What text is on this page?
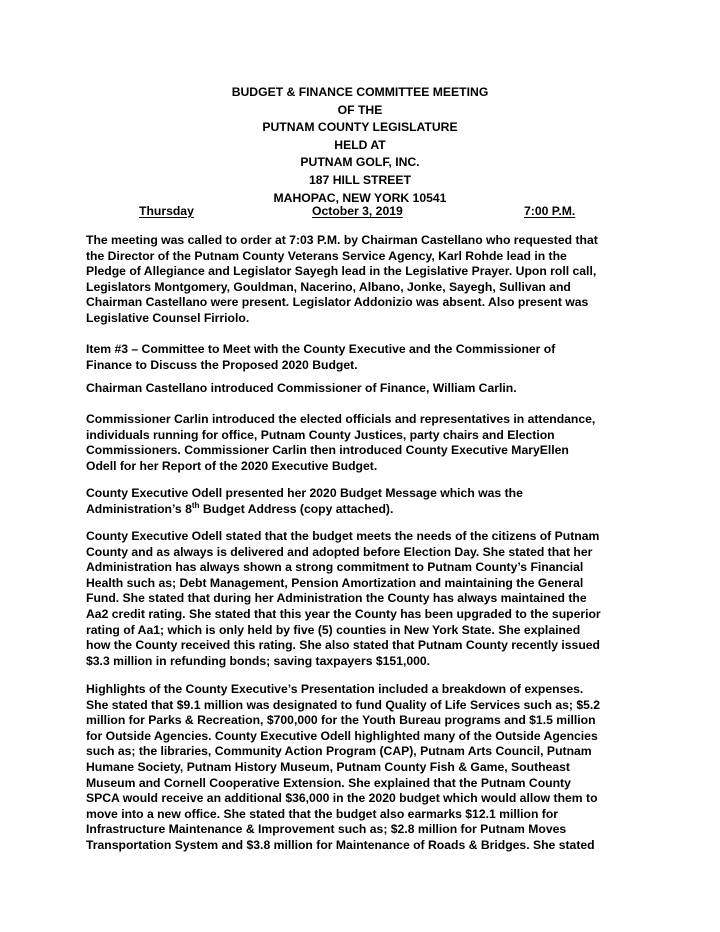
BUDGET & FINANCE COMMITTEE MEETING
OF THE
PUTNAM COUNTY LEGISLATURE
HELD AT
PUTNAM GOLF, INC.
187 HILL STREET
MAHOPAC, NEW YORK 10541
Thursday	October 3, 2019	7:00 P.M.
The meeting was called to order at 7:03 P.M. by Chairman Castellano who requested that
the Director of the Putnam County Veterans Service Agency, Karl Rohde lead in the
Pledge of Allegiance and Legislator Sayegh lead in the Legislative Prayer. Upon roll call,
Legislators Montgomery, Gouldman, Nacerino, Albano, Jonke, Sayegh, Sullivan and
Chairman Castellano were present. Legislator Addonizio was absent. Also present was
Legislative Counsel Firriolo.
Item #3 – Committee to Meet with the County Executive and the Commissioner of
Finance to Discuss the Proposed 2020 Budget.
Chairman Castellano introduced Commissioner of Finance, William Carlin.
Commissioner Carlin introduced the elected officials and representatives in attendance,
individuals running for office, Putnam County Justices, party chairs and Election
Commissioners. Commissioner Carlin then introduced County Executive MaryEllen
Odell for her Report of the 2020 Executive Budget.
County Executive Odell presented her 2020 Budget Message which was the
Administration’s 8th Budget Address (copy attached).
County Executive Odell stated that the budget meets the needs of the citizens of Putnam
County and as always is delivered and adopted before Election Day. She stated that her
Administration has always shown a strong commitment to Putnam County’s Financial
Health such as; Debt Management, Pension Amortization and maintaining the General
Fund. She stated that during her Administration the County has always maintained the
Aa2 credit rating. She stated that this year the County has been upgraded to the superior
rating of Aa1; which is only held by five (5) counties in New York State. She explained
how the County received this rating. She also stated that Putnam County recently issued
$3.3 million in refunding bonds; saving taxpayers $151,000.
Highlights of the County Executive’s Presentation included a breakdown of expenses.
She stated that $9.1 million was designated to fund Quality of Life Services such as; $5.2
million for Parks & Recreation, $700,000 for the Youth Bureau programs and $1.5 million
for Outside Agencies. County Executive Odell highlighted many of the Outside Agencies
such as; the libraries, Community Action Program (CAP), Putnam Arts Council, Putnam
Humane Society, Putnam History Museum, Putnam County Fish & Game, Southeast
Museum and Cornell Cooperative Extension. She explained that the Putnam County
SPCA would receive an additional $36,000 in the 2020 budget which would allow them to
move into a new office. She stated that the budget also earmarks $12.1 million for
Infrastructure Maintenance & Improvement such as; $2.8 million for Putnam Moves
Transportation System and $3.8 million for Maintenance of Roads & Bridges. She stated
